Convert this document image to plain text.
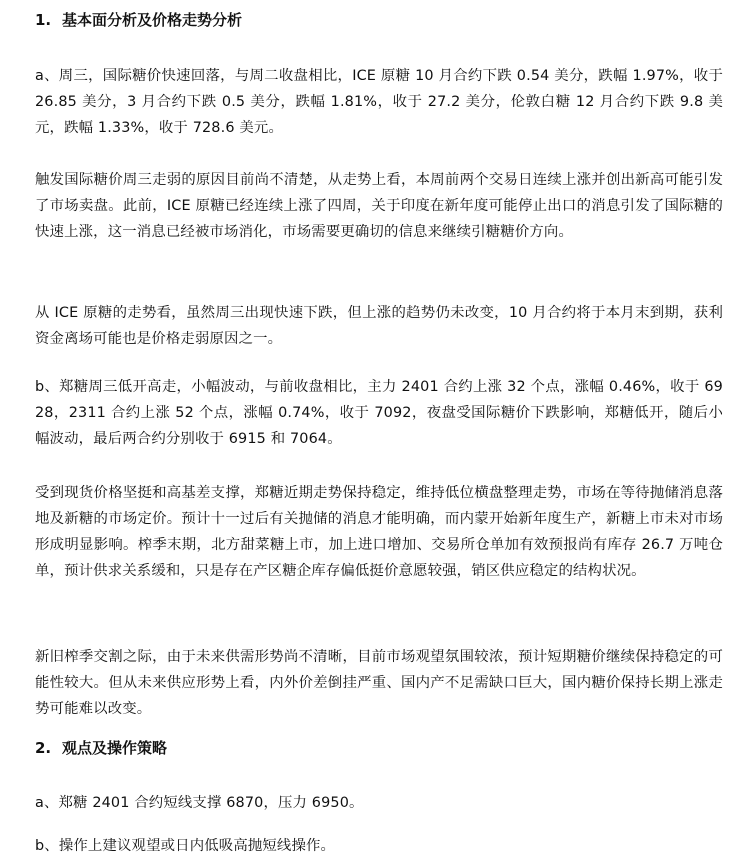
1. 基本面分析及价格走势分析

a、周三，国际糖价快速回落，与周二收盘相比，ICE 原糖 10 月合约下跌 0.54 美分，跌幅 1.97%，收于 26.85 美分，3 月合约下跌 0.5 美分，跌幅 1.81%，收于 27.2 美分，伦敦白糖 12 月合约下跌 9.8 美元，跌幅 1.33%，收于 728.6 美元。

触发国际糖价周三走弱的原因目前尚不清楚，从走势上看，本周前两个交易日连续上涨并创出新高可能引发了市场卖盘。此前，ICE 原糖已经连续上涨了四周，关于印度在新年度可能停止出口的消息引发了国际糖的快速上涨，这一消息已经被市场消化，市场需要更确切的信息来继续引糖糖价方向。

从 ICE 原糖的走势看，虽然周三出现快速下跌，但上涨的趋势仍未改变，10 月合约将于本月末到期，获利资金离场可能也是价格走弱原因之一。

b、郑糖周三低开高走，小幅波动，与前收盘相比，主力 2401 合约上涨 32 个点，涨幅 0.46%，收于 6928，2311 合约上涨 52 个点，涨幅 0.74%，收于 7092，夜盘受国际糖价下跌影响，郑糖低开，随后小幅波动，最后两合约分别收于 6915 和 7064。

受到现货价格坚挺和高基差支撑，郑糖近期走势保持稳定，维持低位横盘整理走势，市场在等待抛储消息落地及新糖的市场定价。预计十一过后有关抛储的消息才能明确，而内蒙开始新年度生产，新糖上市未对市场形成明显影响。榨季末期，北方甜菜糖上市，加上进口增加、交易所仓单加有效预报尚有库存 26.7 万吨仓单，预计供求关系缓和，只是存在产区糖企库存偏低挺价意愿较强，销区供应稳定的结构状况。

新旧榨季交割之际，由于未来供需形势尚不清晰，目前市场观望氛围较浓，预计短期糖价继续保持稳定的可能性较大。但从未来供应形势上看，内外价差倒挂严重、国内产不足需缺口巨大，国内糖价保持长期上涨走势可能难以改变。

2. 观点及操作策略

a、郑糖 2401 合约短线支撑 6870，压力 6950。

b、操作上建议观望或日内低吸高抛短线操作。
